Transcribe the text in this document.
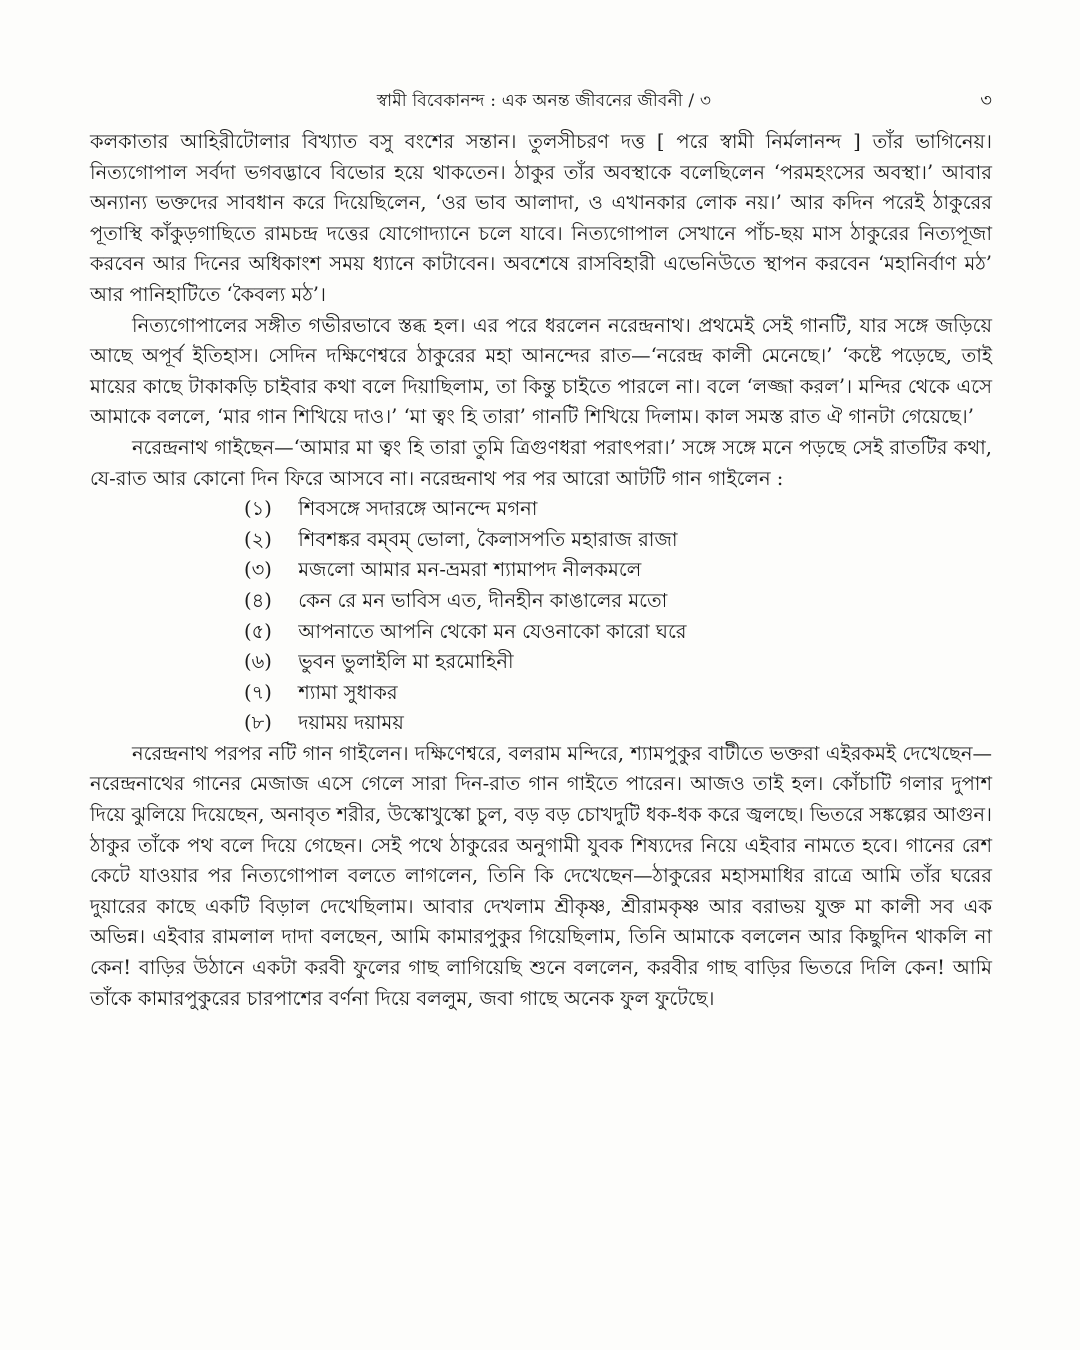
স্বামী বিবেকানন্দ : এক অনন্ত জীবনের জীবনী / ৩	৩

কলকাতার আহিরীটোলার বিখ্যাত বসু বংশের সন্তান। তুলসীচরণ দত্ত [ পরে স্বামী নির্মলানন্দ ] তাঁর ভাগিনেয়। নিত্যগোপাল সর্বদা ভগবদ্ভাবে বিভোর হয়ে থাকতেন। ঠাকুর তাঁর অবস্থাকে বলেছিলেন ‘পরমহংসের অবস্থা।’ আবার অন্যান্য ভক্তদের সাবধান করে দিয়েছিলেন, ‘ওর ভাব আলাদা, ও এখানকার লোক নয়।’ আর কদিন পরেই ঠাকুরের পূতাস্থি কাঁকুড়গাছিতে রামচন্দ্র দত্তের যোগোদ্যানে চলে যাবে। নিত্যগোপাল সেখানে পাঁচ-ছয় মাস ঠাকুরের নিত্যপূজা করবেন আর দিনের অধিকাংশ সময় ধ্যানে কাটাবেন। অবশেষে রাসবিহারী এভেনিউতে স্থাপন করবেন ‘মহানির্বাণ মঠ’ আর পানিহাটিতে ‘কৈবল্য মঠ’।

নিত্যগোপালের সঙ্গীত গভীরভাবে স্তব্ধ হল। এর পরে ধরলেন নরেন্দ্রনাথ। প্রথমেই সেই গানটি, যার সঙ্গে জড়িয়ে আছে অপূর্ব ইতিহাস। সেদিন দক্ষিণেশ্বরে ঠাকুরের মহা আনন্দের রাত—‘নরেন্দ্র কালী মেনেছে।’ ‘কষ্টে পড়েছে, তাই মায়ের কাছে টাকাকড়ি চাইবার কথা বলে দিয়াছিলাম, তা কিন্তু চাইতে পারলে না। বলে ‘লজ্জা করল’। মন্দির থেকে এসে আমাকে বললে, ‘মার গান শিখিয়ে দাও।’ ‘মা ত্বং হি তারা’ গানটি শিখিয়ে দিলাম। কাল সমস্ত রাত ঐ গানটা গেয়েছে।’

নরেন্দ্রনাথ গাইছেন—‘আমার মা ত্বং হি তারা তুমি ত্রিগুণধরা পরাৎপরা।’ সঙ্গে সঙ্গে মনে পড়ছে সেই রাতটির কথা, যে-রাত আর কোনো দিন ফিরে আসবে না। নরেন্দ্রনাথ পর পর আরো আটটি গান গাইলেন :

(১) শিবসঙ্গে সদারঙ্গে আনন্দে মগনা
(২) শিবশঙ্কর বম্‌বম্‌ ভোলা, কৈলাসপতি মহারাজ রাজা
(৩) মজলো আমার মন-ভ্রমরা শ্যামাপদ নীলকমলে
(৪) কেন রে মন ভাবিস এত, দীনহীন কাঙালের মতো
(৫) আপনাতে আপনি থেকো মন যেওনাকো কারো ঘরে
(৬) ভুবন ভুলাইলি মা হরমোহিনী
(৭) শ্যামা সুধাকর
(৮) দয়াময় দয়াময়

নরেন্দ্রনাথ পরপর নটি গান গাইলেন। দক্ষিণেশ্বরে, বলরাম মন্দিরে, শ্যামপুকুর বাটীতে ভক্তরা এইরকমই দেখেছেন—নরেন্দ্রনাথের গানের মেজাজ এসে গেলে সারা দিন-রাত গান গাইতে পারেন। আজও তাই হল। কোঁচাটি গলার দুপাশ দিয়ে ঝুলিয়ে দিয়েছেন, অনাবৃত শরীর, উস্কোখুস্কো চুল, বড় বড় চোখদুটি ধক-ধক করে জ্বলছে। ভিতরে সঙ্কল্পের আগুন। ঠাকুর তাঁকে পথ বলে দিয়ে গেছেন। সেই পথে ঠাকুরের অনুগামী যুবক শিষ্যদের নিয়ে এইবার নামতে হবে। গানের রেশ কেটে যাওয়ার পর নিত্যগোপাল বলতে লাগলেন, তিনি কি দেখেছেন—ঠাকুরের মহাসমাধির রাত্রে আমি তাঁর ঘরের দুয়ারের কাছে একটি বিড়াল দেখেছিলাম। আবার দেখলাম শ্রীকৃষ্ণ, শ্রীরামকৃষ্ণ আর বরাভয় যুক্ত মা কালী সব এক অভিন্ন। এইবার রামলাল দাদা বলছেন, আমি কামারপুকুর গিয়েছিলাম, তিনি আমাকে বললেন আর কিছুদিন থাকলি না কেন! বাড়ির উঠানে একটা করবী ফুলের গাছ লাগিয়েছি শুনে বললেন, করবীর গাছ বাড়ির ভিতরে দিলি কেন! আমি তাঁকে কামারপুকুরের চারপাশের বর্ণনা দিয়ে বললুম, জবা গাছে অনেক ফুল ফুটেছে।
